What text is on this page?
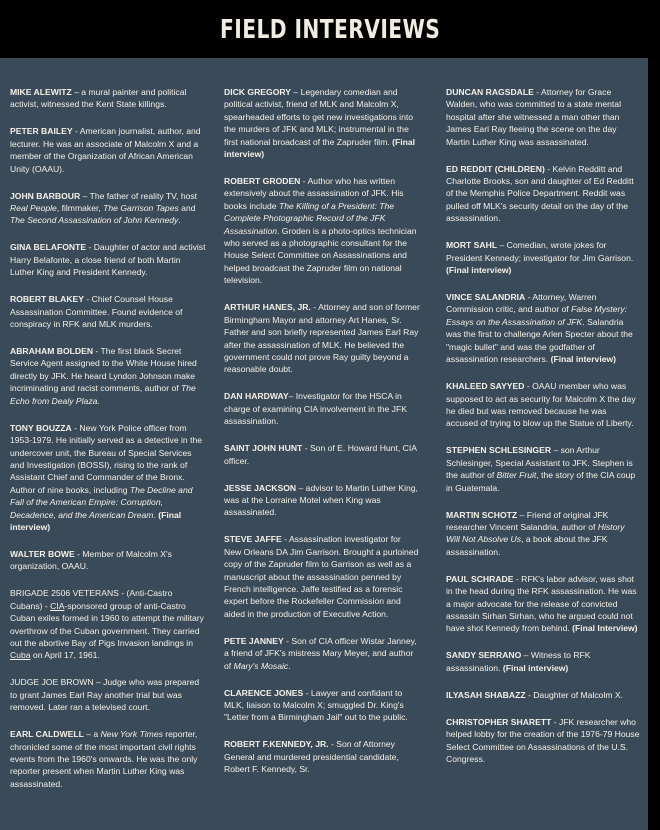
FIELD INTERVIEWS
MIKE ALEWITZ – a mural painter and political activist, witnessed the Kent State killings.
PETER BAILEY - American journalist, author, and lecturer. He was an associate of Malcolm X and a member of the Organization of African American Unity (OAAU).
JOHN BARBOUR – The father of reality TV, host Real People, filmmaker, The Garrison Tapes and The Second Assassination of John Kennedy.
GINA BELAFONTE - Daughter of actor and activist Harry Belafonte, a close friend of both Martin Luther King and President Kennedy.
ROBERT BLAKEY - Chief Counsel House Assassination Committee. Found evidence of conspiracy in RFK and MLK murders.
ABRAHAM BOLDEN - The first black Secret Service Agent assigned to the White House hired directly by JFK. He heard Lyndon Johnson make incriminating and racist comments, author of The Echo from Dealy Plaza.
TONY BOUZZA - New York Police officer from 1953-1979. He initially served as a detective in the undercover unit, the Bureau of Special Services and Investigation (BOSSI), rising to the rank of Assistant Chief and Commander of the Bronx. Author of nine books, including The Decline and Fall of the American Empire: Corruption, Decadence, and the American Dream. (Final interview)
WALTER BOWE - Member of Malcolm X's organization, OAAU.
BRIGADE 2506 VETERANS - (Anti-Castro Cubans) - CIA-sponsored group of anti-Castro Cuban exiles formed in 1960 to attempt the military overthrow of the Cuban government. They carried out the abortive Bay of Pigs Invasion landings in Cuba on April 17, 1961.
JUDGE JOE BROWN – Judge who was prepared to grant James Earl Ray another trial but was removed. Later ran a televised court.
EARL CALDWELL – a New York Times reporter, chronicled some of the most important civil rights events from the 1960's onwards. He was the only reporter present when Martin Luther King was assassinated.
DICK GREGORY – Legendary comedian and political activist, friend of MLK and Malcolm X, spearheaded efforts to get new investigations into the murders of JFK and MLK; instrumental in the first national broadcast of the Zapruder film. (Final interview)
ROBERT GRODEN - Author who has written extensively about the assassination of JFK. His books include The Killing of a President: The Complete Photographic Record of the JFK Assassination. Groden is a photo-optics technician who served as a photographic consultant for the House Select Committee on Assassinations and helped broadcast the Zapruder film on national television.
ARTHUR HANES, JR. - Attorney and son of former Birmingham Mayor and attorney Art Hanes, Sr. Father and son briefly represented James Earl Ray after the assassination of MLK. He believed the government could not prove Ray guilty beyond a reasonable doubt.
DAN HARDWAY– Investigator for the HSCA in charge of examining CIA involvement in the JFK assassination.
SAINT JOHN HUNT - Son of E. Howard Hunt, CIA officer.
JESSE JACKSON – advisor to Martin Luther King, was at the Lorraine Motel when King was assassinated.
STEVE JAFFE - Assassination investigator for New Orleans DA Jim Garrison. Brought a purloined copy of the Zapruder film to Garrison as well as a manuscript about the assassination penned by French intelligence. Jaffe testified as a forensic expert before the Rockefeller Commission and aided in the production of Executive Action.
PETE JANNEY - Son of CIA officer Wistar Janney, a friend of JFK's mistress Mary Meyer, and author of Mary's Mosaic.
CLARENCE JONES - Lawyer and confidant to MLK, liaison to Malcolm X; smuggled Dr. King's "Letter from a Birmingham Jail" out to the public.
ROBERT F.KENNEDY, JR. - Son of Attorney General and murdered presidential candidate, Robert F. Kennedy, Sr.
DUNCAN RAGSDALE - Attorney for Grace Walden, who was committed to a state mental hospital after she witnessed a man other than James Earl Ray fleeing the scene on the day Martin Luther King was assassinated.
ED REDDIT (CHILDREN) - Kelvin Redditt and Charlotte Brooks, son and daughter of Ed Redditt of the Memphis Police Department. Reddit was pulled off MLK's security detail on the day of the assassination.
MORT SAHL – Comedian, wrote jokes for President Kennedy; investigator for Jim Garrison. (Final interview)
VINCE SALANDRIA - Attorney, Warren Commission critic, and author of False Mystery: Essays on the Assassination of JFK. Salandria was the first to challenge Arlen Specter about the "magic bullet" and was the godfather of assassination researchers. (Final interview)
KHALEED SAYYED - OAAU member who was supposed to act as security for Malcolm X the day he died but was removed because he was accused of trying to blow up the Statue of Liberty.
STEPHEN SCHLESINGER – son Arthur Schlesinger, Special Assistant to JFK. Stephen is the author of Bitter Fruit, the story of the CIA coup in Guatemala.
MARTIN SCHOTZ – Friend of original JFK researcher Vincent Salandria, author of History Will Not Absolve Us, a book about the JFK assassination.
PAUL SCHRADE - RFK's labor advisor, was shot in the head during the RFK assassination. He was a major advocate for the release of convicted assassin Sirhan Sirhan, who he argued could not have shot Kennedy from behind. (Final Interview)
SANDY SERRANO – Witness to RFK assassination. (Final interview)
ILYASAH SHABAZZ - Daughter of Malcolm X.
CHRISTOPHER SHARETT - JFK researcher who helped lobby for the creation of the 1976-79 House Select Committee on Assassinations of the U.S. Congress.
